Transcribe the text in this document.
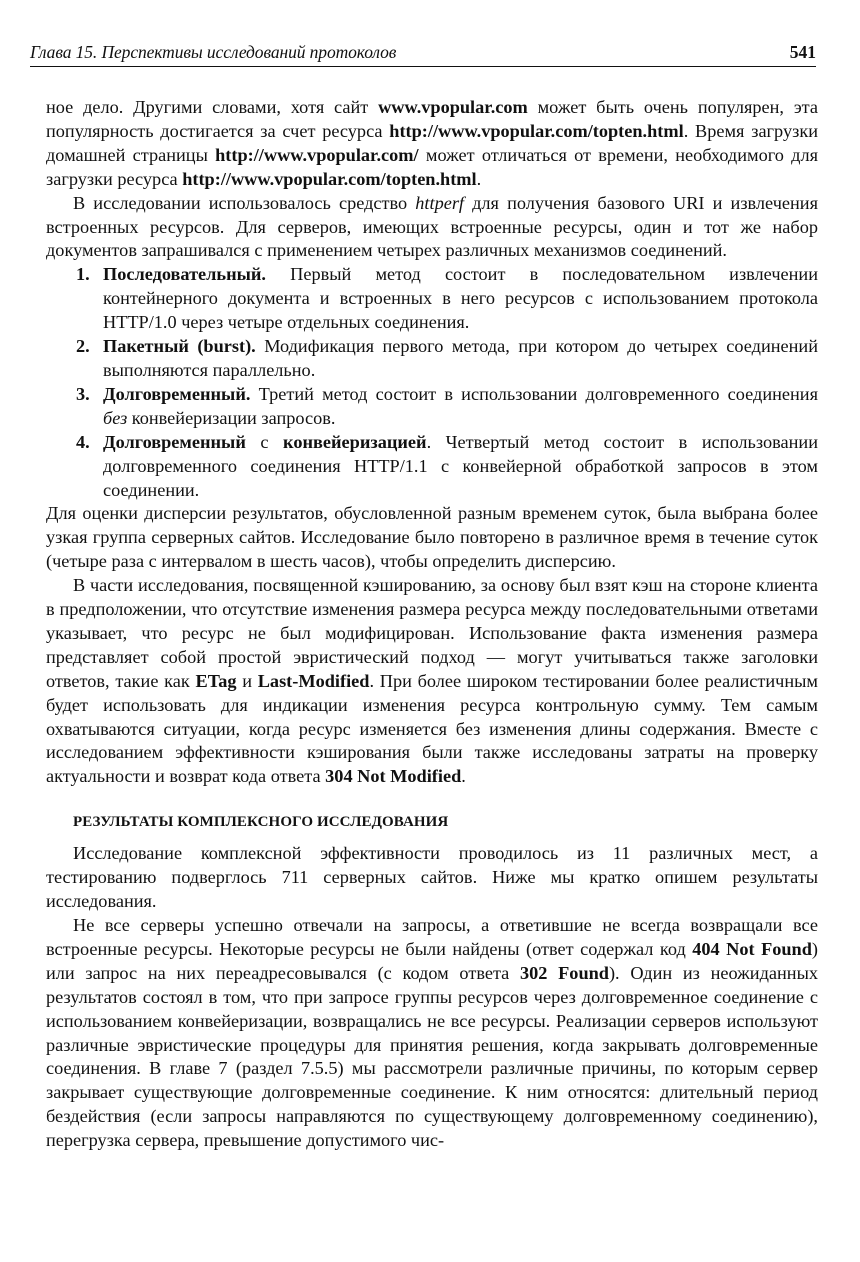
Глава 15. Перспективы исследований протоколов	541

ное дело. Другими словами, хотя сайт www.vpopular.com может быть очень популярен, эта популярность достигается за счет ресурса http://www.vpopular.com/topten.html. Время загрузки домашней страницы http://www.vpopular.com/ может отличаться от времени, необходимого для загрузки ресурса http://www.vpopular.com/topten.html.

В исследовании использовалось средство httperf для получения базового URI и извлечения встроенных ресурсов. Для серверов, имеющих встроенные ресурсы, один и тот же набор документов запрашивался с применением четырех различных механизмов соединений.

1. Последовательный. Первый метод состоит в последовательном извлечении контейнерного документа и встроенных в него ресурсов с использованием протокола HTTP/1.0 через четыре отдельных соединения.
2. Пакетный (burst). Модификация первого метода, при котором до четырех соединений выполняются параллельно.
3. Долговременный. Третий метод состоит в использовании долговременного соединения без конвейеризации запросов.
4. Долговременный с конвейеризацией. Четвертый метод состоит в использовании долговременного соединения HTTP/1.1 с конвейерной обработкой запросов в этом соединении.

Для оценки дисперсии результатов, обусловленной разным временем суток, была выбрана более узкая группа серверных сайтов. Исследование было повторено в различное время в течение суток (четыре раза с интервалом в шесть часов), чтобы определить дисперсию.

В части исследования, посвященной кэшированию, за основу был взят кэш на стороне клиента в предположении, что отсутствие изменения размера ресурса между последовательными ответами указывает, что ресурс не был модифицирован. Использование факта изменения размера представляет собой простой эвристический подход — могут учитываться также заголовки ответов, такие как ETag и Last-Modified. При более широком тестировании более реалистичным будет использовать для индикации изменения ресурса контрольную сумму. Тем самым охватываются ситуации, когда ресурс изменяется без изменения длины содержания. Вместе с исследованием эффективности кэширования были также исследованы затраты на проверку актуальности и возврат кода ответа 304 Not Modified.

РЕЗУЛЬТАТЫ КОМПЛЕКСНОГО ИССЛЕДОВАНИЯ

Исследование комплексной эффективности проводилось из 11 различных мест, а тестированию подверглось 711 серверных сайтов. Ниже мы кратко опишем результаты исследования.

Не все серверы успешно отвечали на запросы, а ответившие не всегда возвращали все встроенные ресурсы. Некоторые ресурсы не были найдены (ответ содержал код 404 Not Found) или запрос на них переадресовывался (с кодом ответа 302 Found). Один из неожиданных результатов состоял в том, что при запросе группы ресурсов через долговременное соединение с использованием конвейеризации, возвращались не все ресурсы. Реализации серверов используют различные эвристические процедуры для принятия решения, когда закрывать долговременные соединения. В главе 7 (раздел 7.5.5) мы рассмотрели различные причины, по которым сервер закрывает существующие долговременные соединение. К ним относятся: длительный период бездействия (если запросы направляются по существующему долговременному соединению), перегрузка сервера, превышение допустимого чис-
